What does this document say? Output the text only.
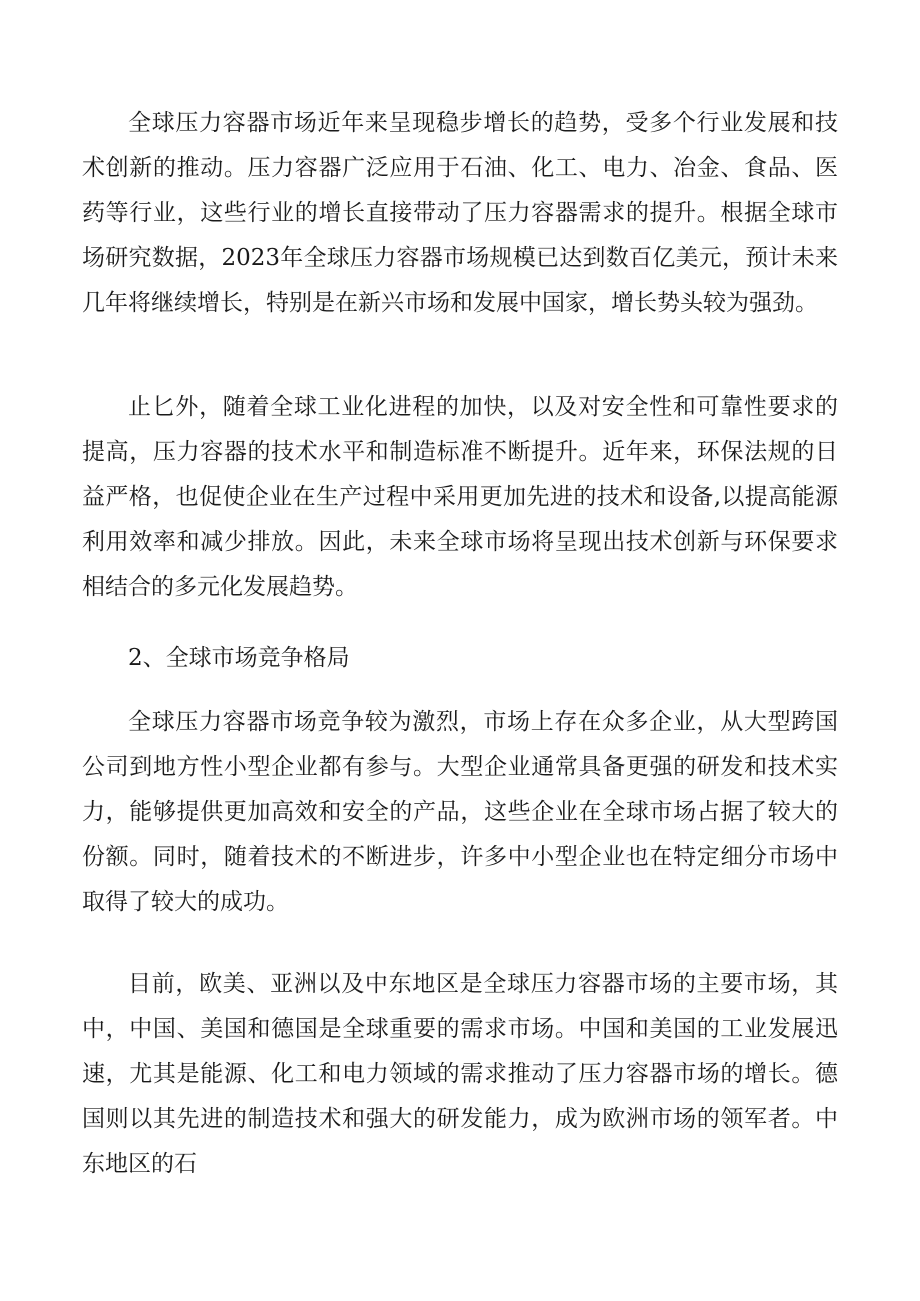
全球压力容器市场近年来呈现稳步增长的趋势，受多个行业发展和技术创新的推动。压力容器广泛应用于石油、化工、电力、冶金、食品、医药等行业，这些行业的增长直接带动了压力容器需求的提升。根据全球市场研究数据，2023年全球压力容器市场规模已达到数百亿美元，预计未来几年将继续增长，特别是在新兴市场和发展中国家，增长势头较为强劲。

止匕外，随着全球工业化进程的加快，以及对安全性和可靠性要求的提高，压力容器的技术水平和制造标准不断提升。近年来，环保法规的日益严格，也促使企业在生产过程中采用更加先进的技术和设备,以提高能源利用效率和减少排放。因此，未来全球市场将呈现出技术创新与环保要求相结合的多元化发展趋势。

2、全球市场竞争格局

全球压力容器市场竞争较为激烈，市场上存在众多企业，从大型跨国公司到地方性小型企业都有参与。大型企业通常具备更强的研发和技术实力，能够提供更加高效和安全的产品，这些企业在全球市场占据了较大的份额。同时，随着技术的不断进步，许多中小型企业也在特定细分市场中取得了较大的成功。

目前，欧美、亚洲以及中东地区是全球压力容器市场的主要市场，其中，中国、美国和德国是全球重要的需求市场。中国和美国的工业发展迅速，尤其是能源、化工和电力领域的需求推动了压力容器市场的增长。德国则以其先进的制造技术和强大的研发能力，成为欧洲市场的领军者。中东地区的石
